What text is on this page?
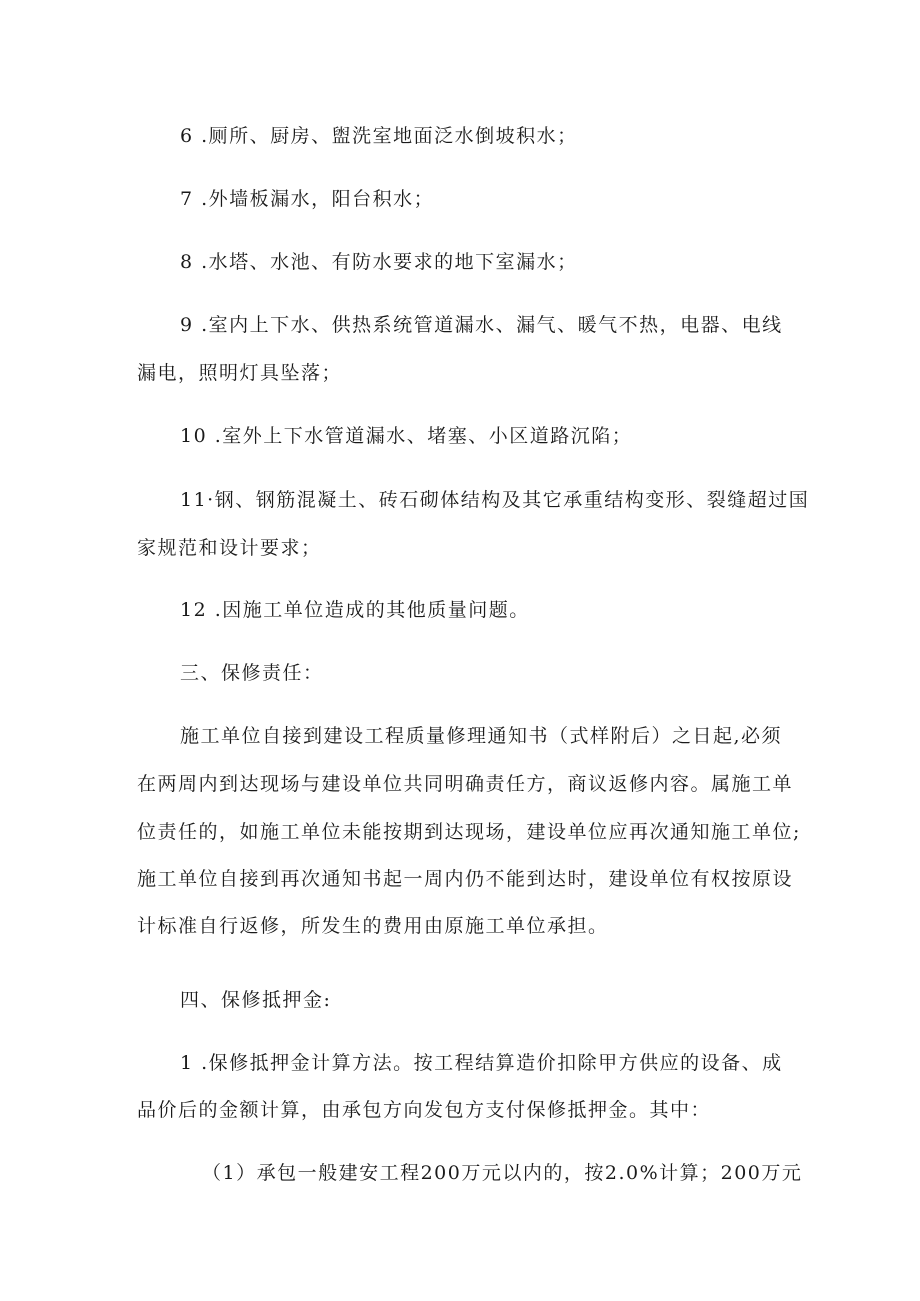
6 .厕所、厨房、盥洗室地面泛水倒坡积水；
7 .外墙板漏水，阳台积水；
8 .水塔、水池、有防水要求的地下室漏水；
9 .室内上下水、供热系统管道漏水、漏气、暖气不热，电器、电线
漏电，照明灯具坠落；
10 .室外上下水管道漏水、堵塞、小区道路沉陷；
11·钢、钢筋混凝土、砖石砌体结构及其它承重结构变形、裂缝超过国
家规范和设计要求；
12 .因施工单位造成的其他质量问题。
三、保修责任：
施工单位自接到建设工程质量修理通知书（式样附后）之日起,必须
在两周内到达现场与建设单位共同明确责任方，商议返修内容。属施工单
位责任的，如施工单位未能按期到达现场，建设单位应再次通知施工单位;
施工单位自接到再次通知书起一周内仍不能到达时，建设单位有权按原设
计标准自行返修，所发生的费用由原施工单位承担。
四、保修抵押金:
1 .保修抵押金计算方法。按工程结算造价扣除甲方供应的设备、成
品价后的金额计算，由承包方向发包方支付保修抵押金。其中：
（1）承包一般建安工程200万元以内的，按2.0%计算；200万元
